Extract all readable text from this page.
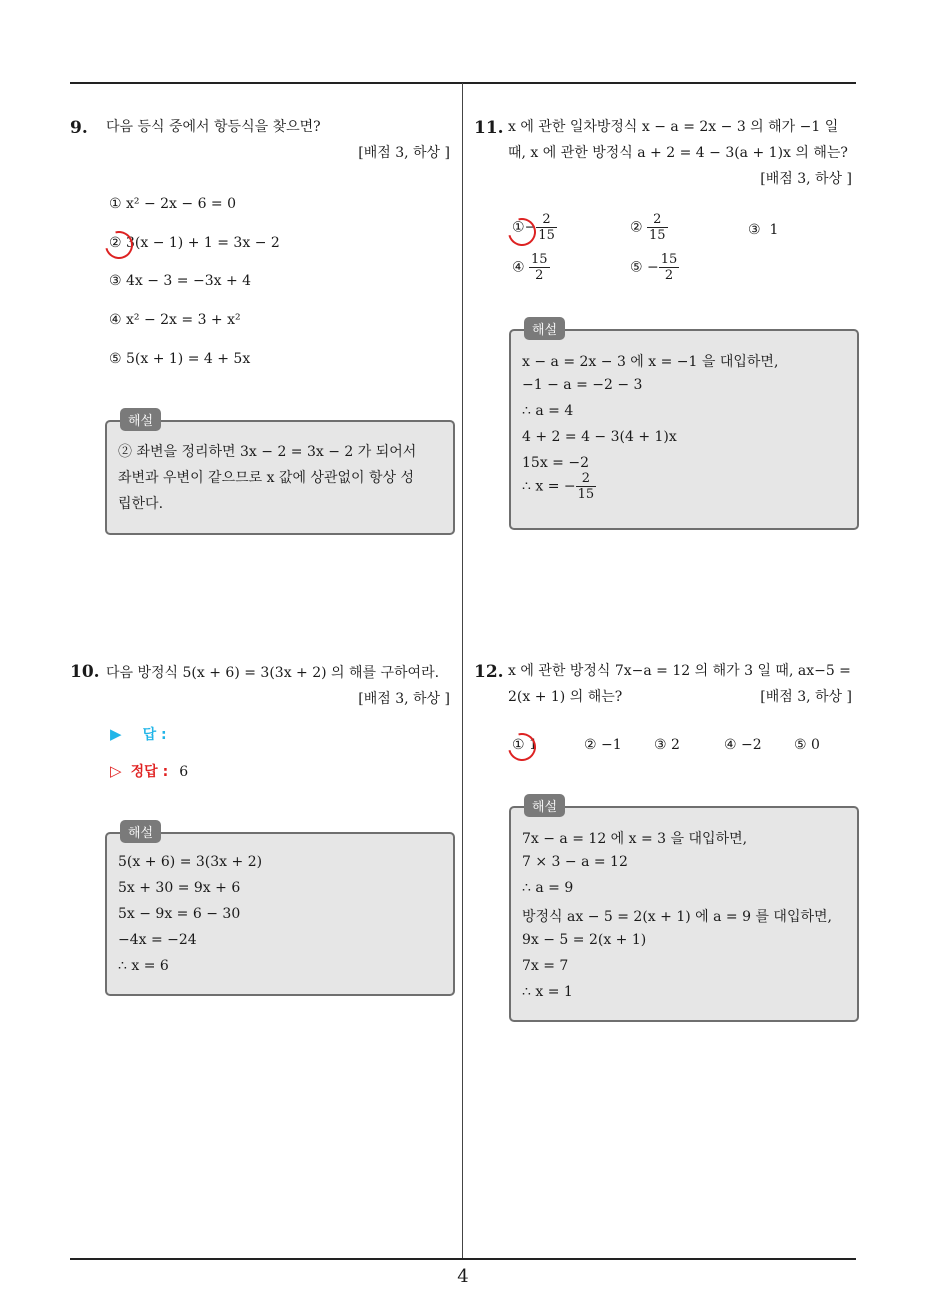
9. 다음 등식 중에서 항등식을 찾으면?
[배점 3, 하상 ]
① x² − 2x − 6 = 0
② 3(x − 1) + 1 = 3x − 2
③ 4x − 3 = −3x + 4
④ x² − 2x = 3 + x²
⑤ 5(x + 1) = 4 + 5x
해설
② 좌변을 정리하면 3x − 2 = 3x − 2 가 되어서
좌변과 우변이 같으므로 x 값에 상관없이 항상 성
립한다.
10. 다음 방정식 5(x + 6) = 3(3x + 2) 의 해를 구하여라.
[배점 3, 하상 ]
▶ 답 :
▷ 정답 : 6
해설
5(x + 6) = 3(3x + 2)
5x + 30 = 9x + 6
5x − 9x = 6 − 30
−4x = −24
∴ x = 6
11. x 에 관한 일차방정식 x − a = 2x − 3 의 해가 −1 일
때, x 에 관한 방정식 a + 2 = 4 − 3(a + 1)x 의 해는?
[배점 3, 하상 ]
①− $\frac{2}{15}$	② $\frac{2}{15}$	③ 1
④ $\frac{15}{2}$	⑤ − $\frac{15}{2}$
해설
x − a = 2x − 3 에 x = −1 을 대입하면,
−1 − a = −2 − 3
∴ a = 4
4 + 2 = 4 − 3(4 + 1)x
15x = −2
∴ x = − $\frac{2}{15}$
12. x 에 관한 방정식 7x−a = 12 의 해가 3 일 때, ax−5 =
2(x + 1) 의 해는?	[배점 3, 하상 ]
① 1	② −1 ③ 2	④ −2 ⑤ 0
해설
7x − a = 12 에 x = 3 을 대입하면,
7 × 3 − a = 12
∴ a = 9
방정식 ax − 5 = 2(x + 1) 에 a = 9 를 대입하면,
9x − 5 = 2(x + 1)
7x = 7
∴ x = 1
4
